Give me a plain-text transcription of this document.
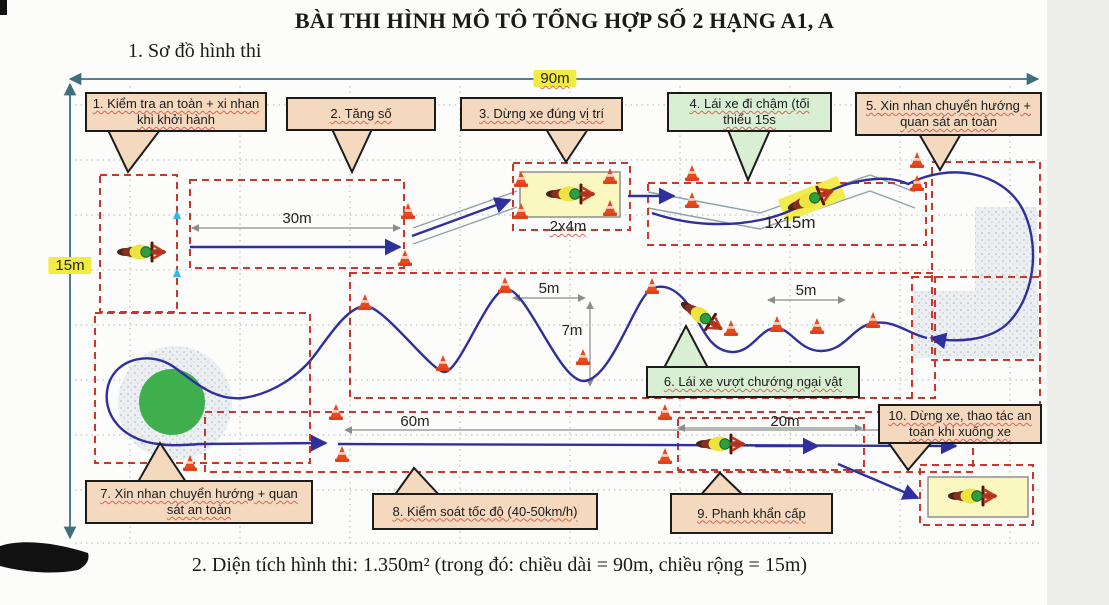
BÀI THI HÌNH MÔ TÔ TỔNG HỢP SỐ 2 HẠNG A1, A
1. Sơ đồ hình thi
1. Kiểm tra an toàn + xi nhan khi khởi hành	2. Tăng số	3. Dừng xe đúng vị trí
4. Lái xe đi chậm (tối thiểu 15s
5. Xin nhan chuyển hướng + quan sát an toàn
6. Lái xe vượt chướng ngại vật
7. Xin nhan chuyển hướng + quan sát an toàn	8. Kiểm soát tốc độ (40-50km/h)	9. Phanh khẩn cấp
10. Dừng xe, thao tác an toàn khi xuống xe
90m
15m
30m	2x4m	1x15m
5m
7m
5m
60m	20m
2. Diện tích hình thi: 1.350m² (trong đó: chiều dài = 90m, chiều rộng = 15m)
